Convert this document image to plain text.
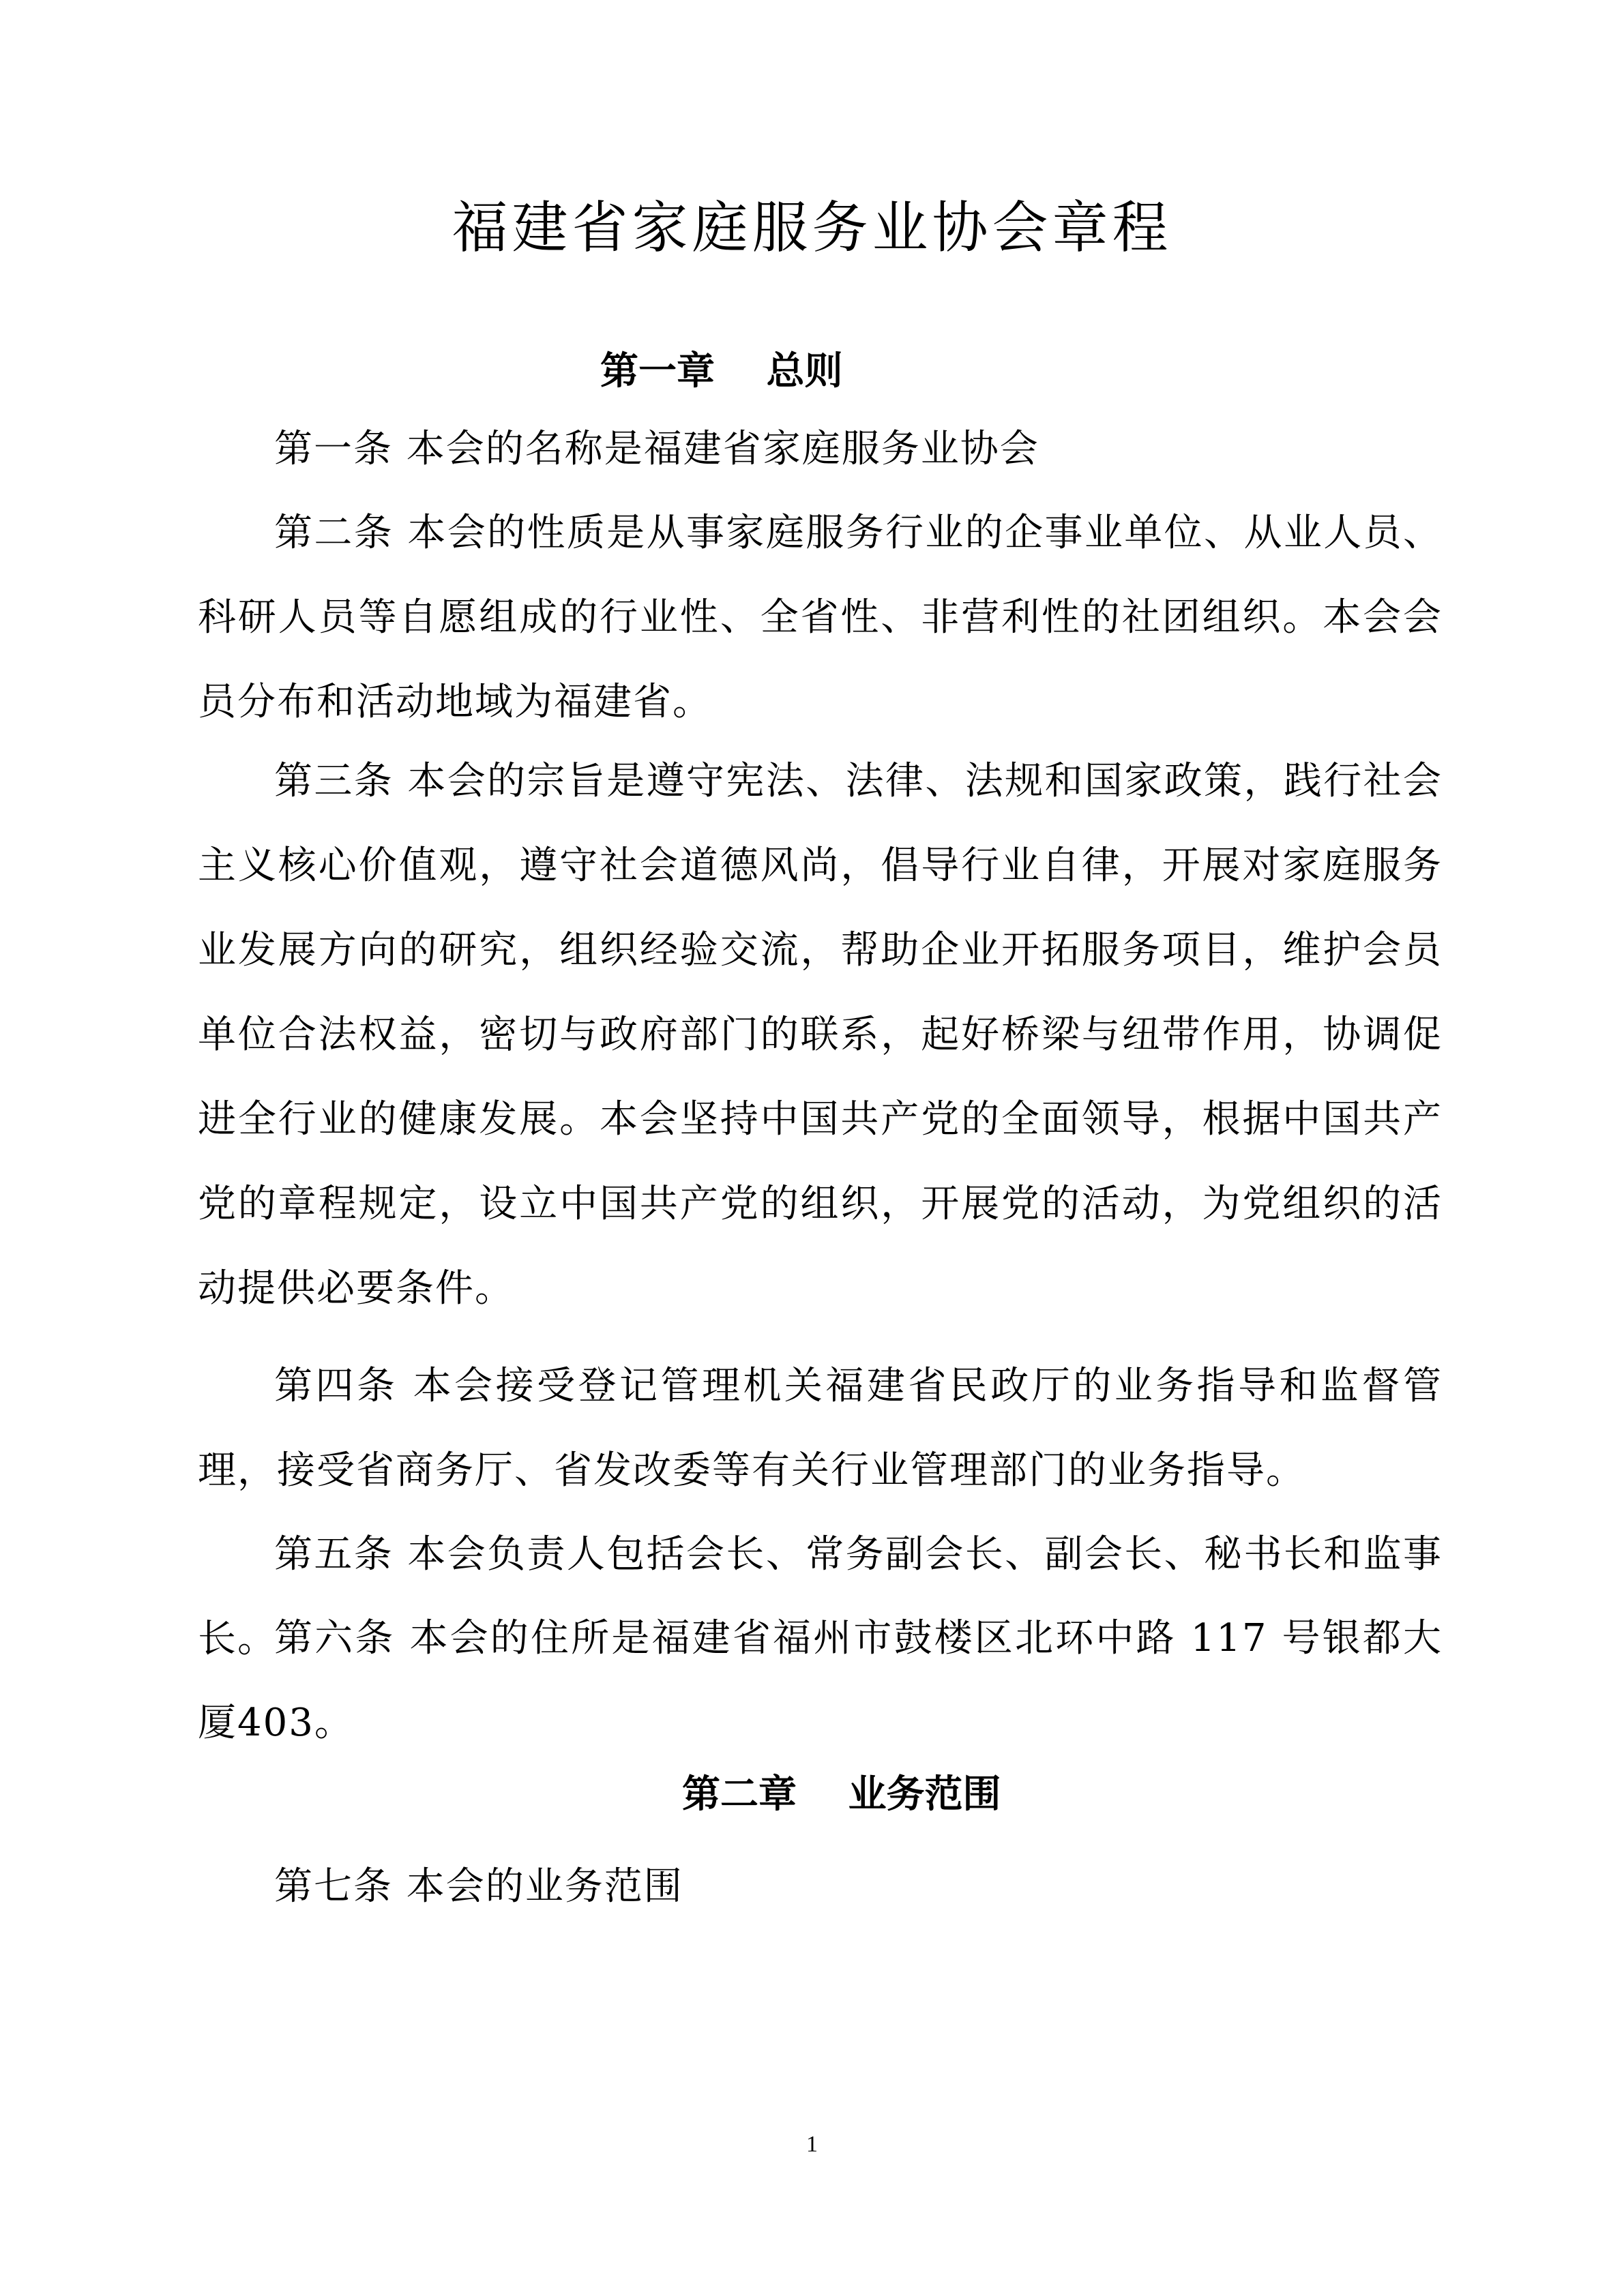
福建省家庭服务业协会章程
第一章　 总则
第一条 本会的名称是福建省家庭服务业协会
第二条 本会的性质是从事家庭服务行业的企事业单位、从业人员、科研人员等自愿组成的行业性、全省性、非营利性的社团组织。本会会员分布和活动地域为福建省。
第三条 本会的宗旨是遵守宪法、法律、法规和国家政策，践行社会主义核心价值观，遵守社会道德风尚，倡导行业自律，开展对家庭服务业发展方向的研究，组织经验交流，帮助企业开拓服务项目，维护会员单位合法权益，密切与政府部门的联系，起好桥梁与纽带作用，协调促进全行业的健康发展。本会坚持中国共产党的全面领导，根据中国共产党的章程规定，设立中国共产党的组织，开展党的活动，为党组织的活动提供必要条件。
第四条 本会接受登记管理机关福建省民政厅的业务指导和监督管理，接受省商务厅、省发改委等有关行业管理部门的业务指导。
第五条 本会负责人包括会长、常务副会长、副会长、秘书长和监事长。
第六条 本会的住所是福建省福州市鼓楼区北环中路 117 号银都大厦403。
第二章　 业务范围
第七条 本会的业务范围
1
